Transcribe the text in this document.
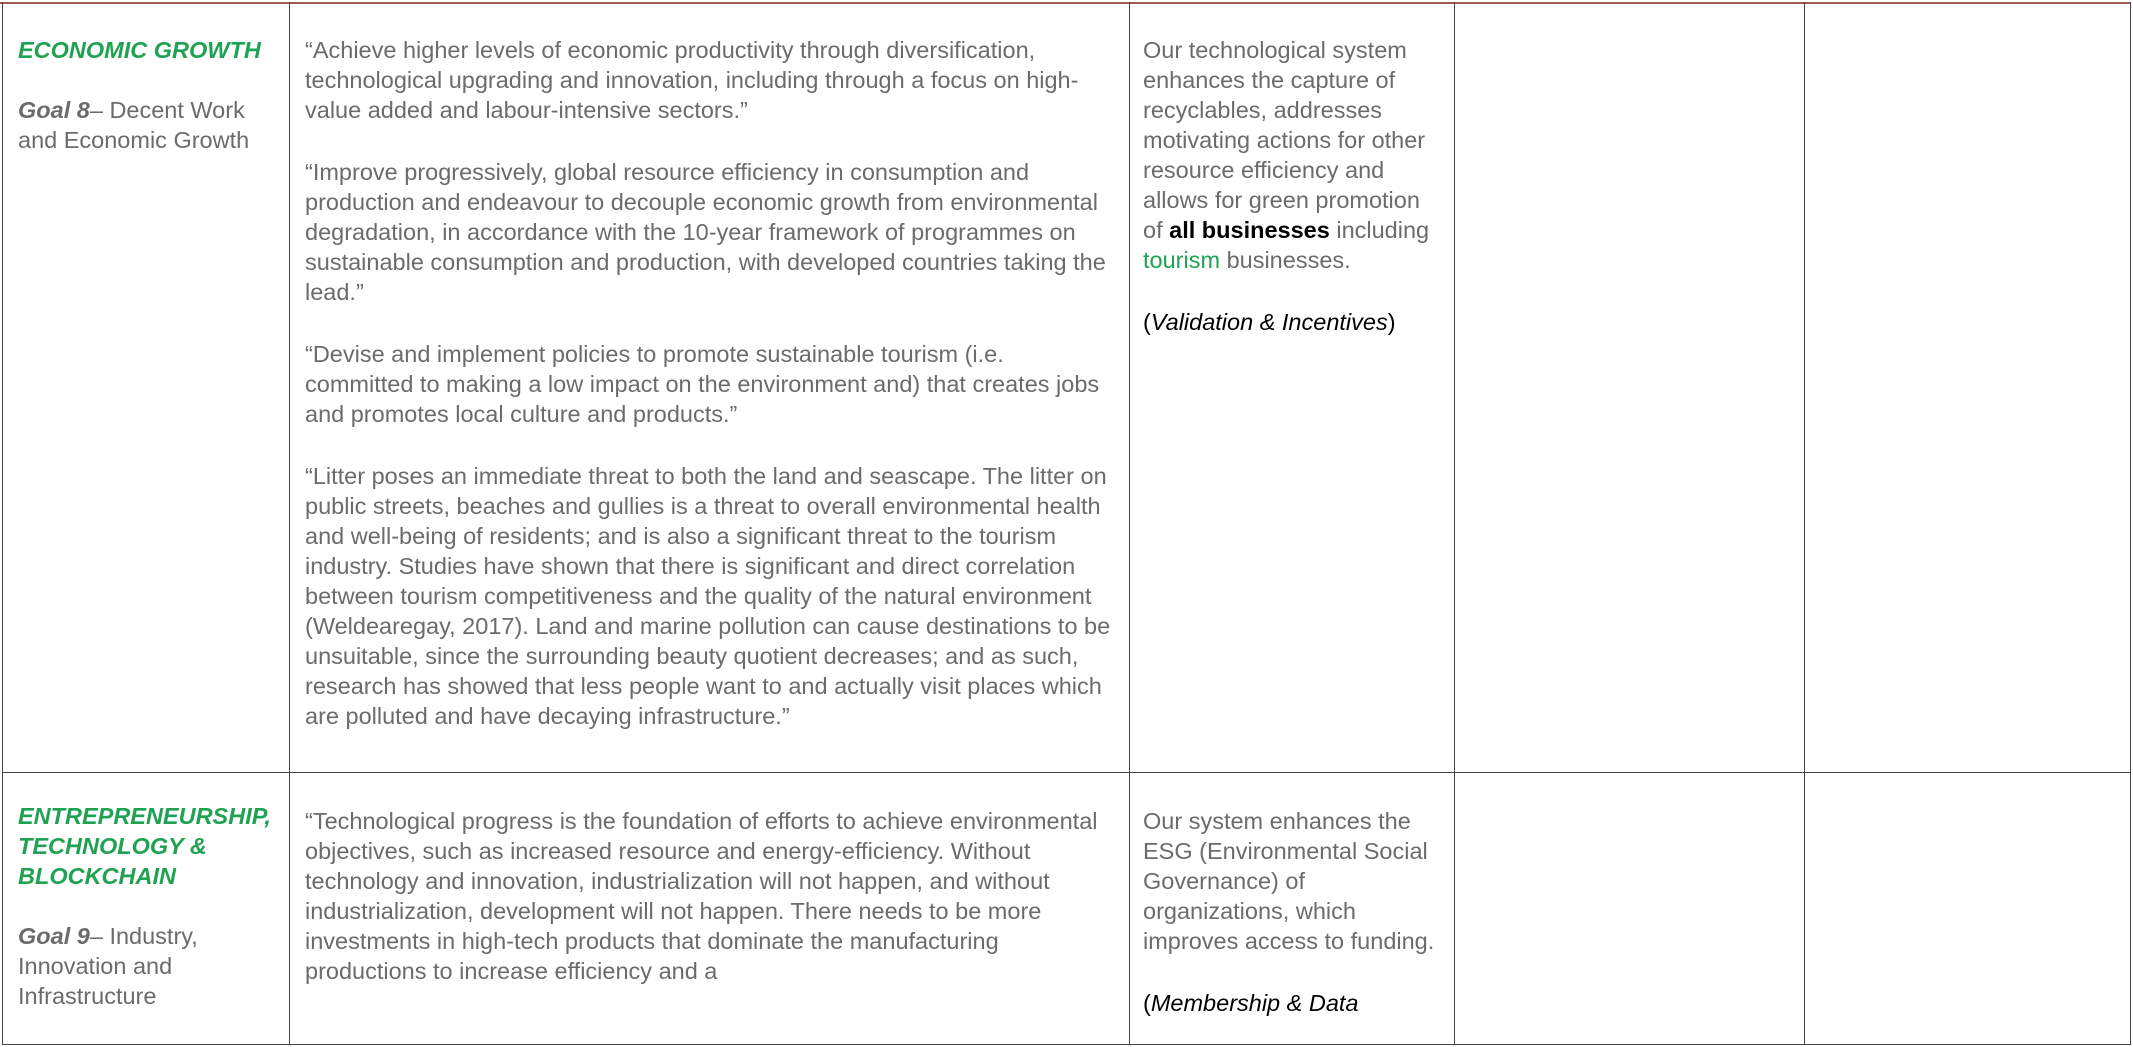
ECONOMIC GROWTH
Goal 8– Decent Work and Economic Growth

“Achieve higher levels of economic productivity through diversification, technological upgrading and innovation, including through a focus on high-value added and labour-intensive sectors.”

“Improve progressively, global resource efficiency in consumption and production and endeavour to decouple economic growth from environmental degradation, in accordance with the 10-year framework of programmes on sustainable consumption and production, with developed countries taking the lead.”

“Devise and implement policies to promote sustainable tourism (i.e. committed to making a low impact on the environment and) that creates jobs and promotes local culture and products.”

“Litter poses an immediate threat to both the land and seascape. The litter on public streets, beaches and gullies is a threat to overall environmental health and well-being of residents; and is also a significant threat to the tourism industry. Studies have shown that there is significant and direct correlation between tourism competitiveness and the quality of the natural environment (Weldearegay, 2017). Land and marine pollution can cause destinations to be unsuitable, since the surrounding beauty quotient decreases; and as such, research has showed that less people want to and actually visit places which are polluted and have decaying infrastructure.”

Our technological system enhances the capture of recyclables, addresses motivating actions for other resource efficiency and allows for green promotion of all businesses including tourism businesses.

(Validation & Incentives)

ENTREPRENEURSHIP, TECHNOLOGY & BLOCKCHAIN
Goal 9– Industry, Innovation and Infrastructure

“Technological progress is the foundation of efforts to achieve environmental objectives, such as increased resource and energy-efficiency. Without technology and innovation, industrialization will not happen, and without industrialization, development will not happen. There needs to be more investments in high-tech products that dominate the manufacturing productions to increase efficiency and a

Our system enhances the ESG (Environmental Social Governance) of organizations, which improves access to funding.

(Membership & Data
